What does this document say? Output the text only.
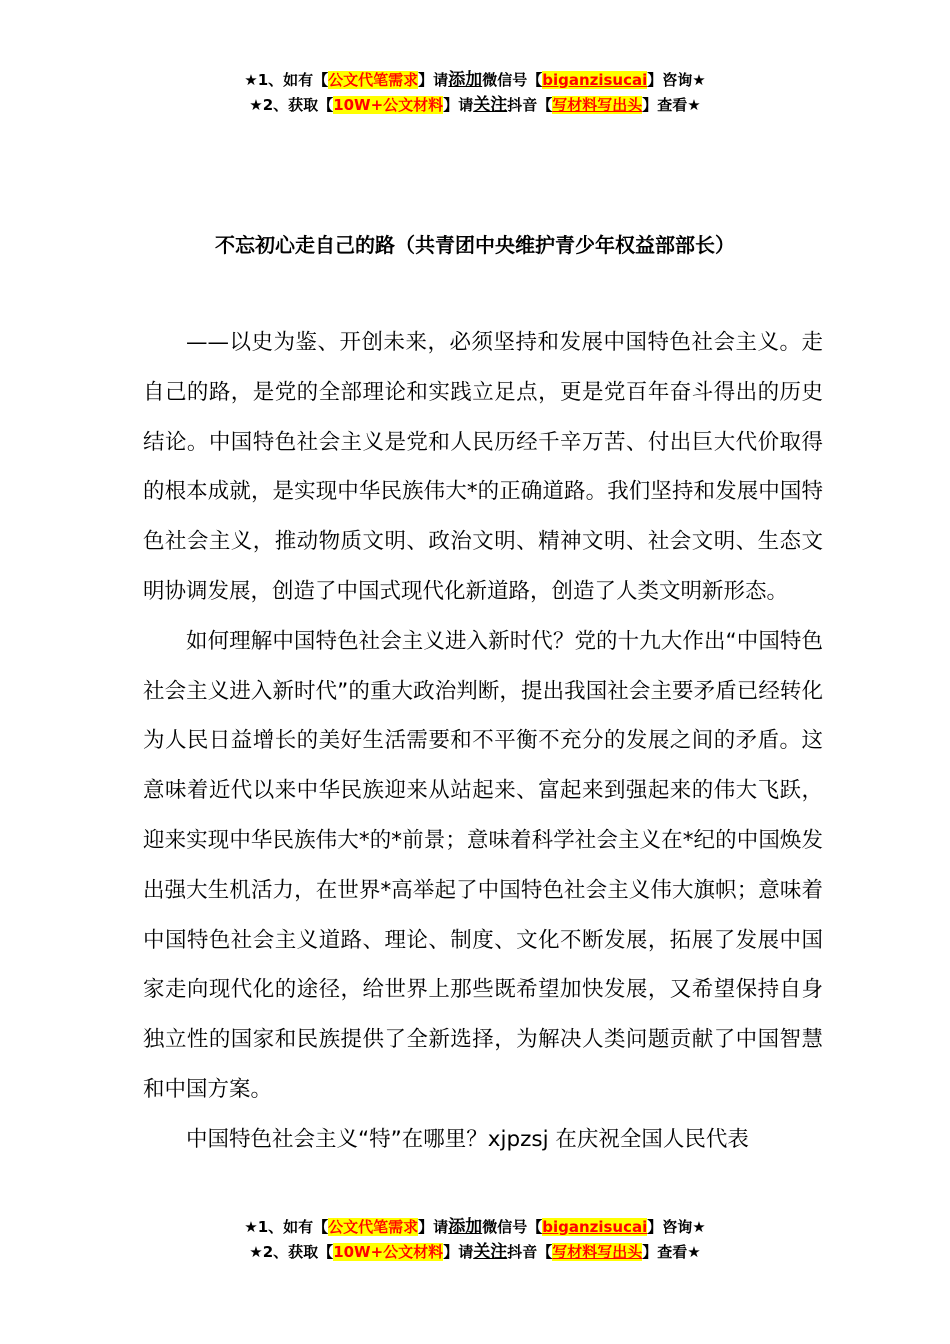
★1、如有【公文代笔需求】请添加微信号【biganzisucai】咨询★
★2、获取【10W+公文材料】请关注抖音【写材料写出头】查看★
不忘初心走自己的路（共青团中央维护青少年权益部部长）

——以史为鉴、开创未来，必须坚持和发展中国特色社会主义。走自己的路，是党的全部理论和实践立足点，更是党百年奋斗得出的历史结论。中国特色社会主义是党和人民历经千辛万苦、付出巨大代价取得的根本成就，是实现中华民族伟大*的正确道路。我们坚持和发展中国特色社会主义，推动物质文明、政治文明、精神文明、社会文明、生态文明协调发展，创造了中国式现代化新道路，创造了人类文明新形态。

如何理解中国特色社会主义进入新时代？党的十九大作出“中国特色社会主义进入新时代”的重大政治判断，提出我国社会主要矛盾已经转化为人民日益增长的美好生活需要和不平衡不充分的发展之间的矛盾。这意味着近代以来中华民族迎来从站起来、富起来到强起来的伟大飞跃，迎来实现中华民族伟大*的*前景；意味着科学社会主义在*纪的中国焕发出强大生机活力，在世界*高举起了中国特色社会主义伟大旗帜；意味着中国特色社会主义道路、理论、制度、文化不断发展，拓展了发展中国家走向现代化的途径，给世界上那些既希望加快发展，又希望保持自身独立性的国家和民族提供了全新选择，为解决人类问题贡献了中国智慧和中国方案。

中国特色社会主义“特”在哪里？xjpzsj 在庆祝全国人民代表

★1、如有【公文代笔需求】请添加微信号【biganzisucai】咨询★
★2、获取【10W+公文材料】请关注抖音【写材料写出头】查看★
